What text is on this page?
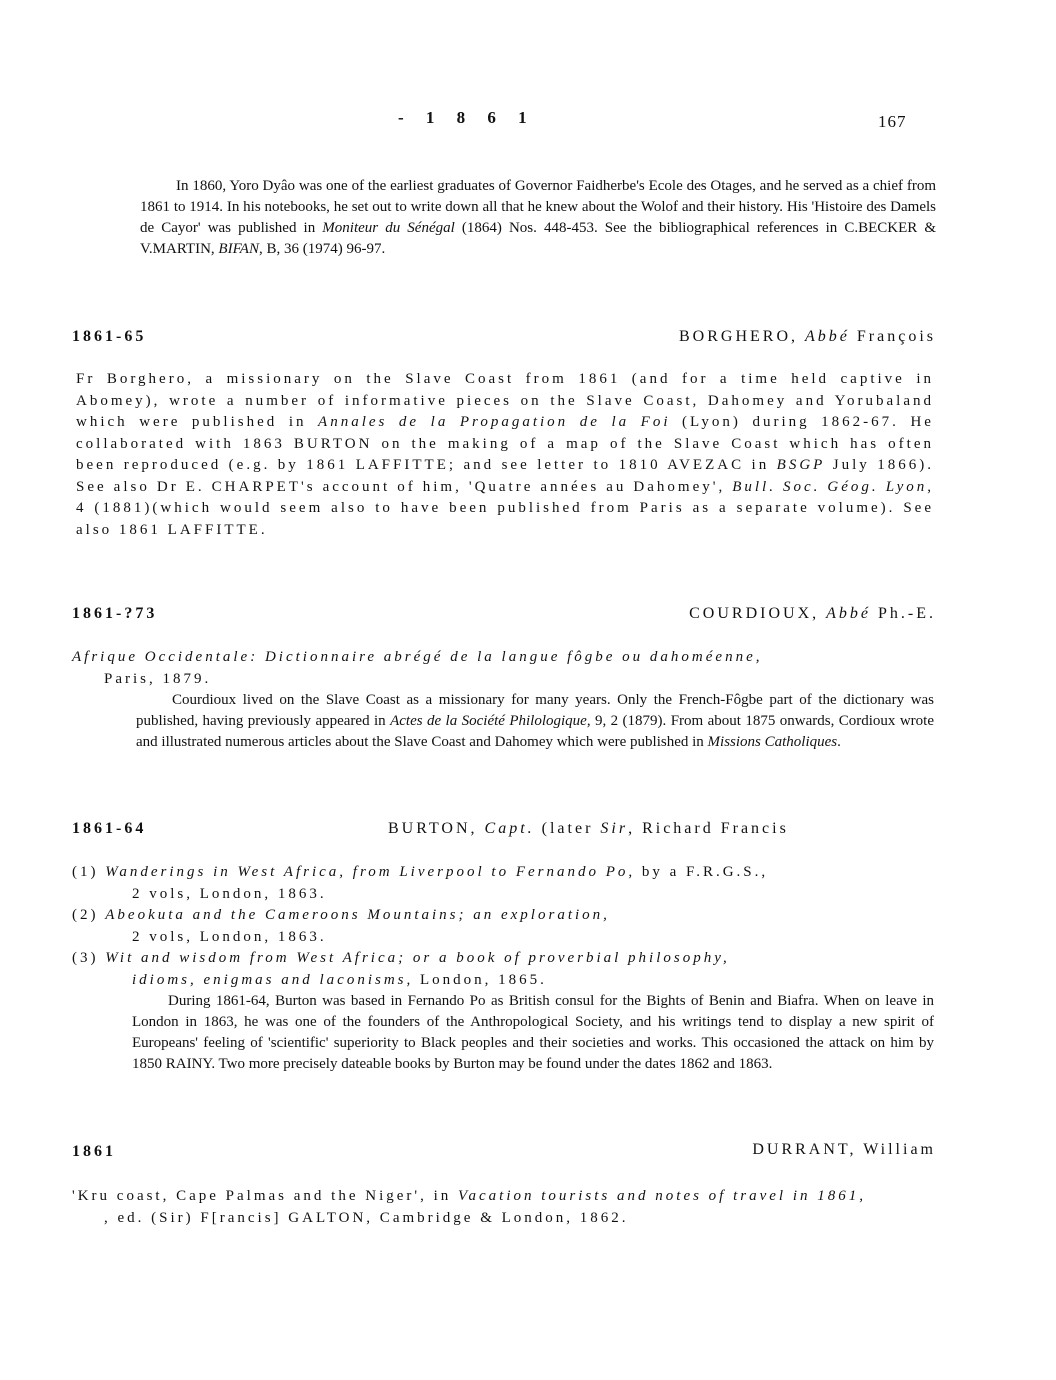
- 1 8 6 1	167

In 1860, Yoro Dyâo was one of the earliest graduates of Governor Faidherbe's Ecole des Otages, and he served as a chief from 1861 to 1914. In his notebooks, he set out to write down all that he knew about the Wolof and their history. His 'Histoire des Damels de Cayor' was published in Moniteur du Sénégal (1864) Nos. 448-453. See the bibliographical references in C.BECKER & V.MARTIN, BIFAN, B, 36 (1974) 96-97.

1861-65	BORGHERO, Abbé François
Fr Borghero, a missionary on the Slave Coast from 1861 (and for a time held captive in Abomey), wrote a number of informative pieces on the Slave Coast, Dahomey and Yorubaland which were published in Annales de la Propagation de la Foi (Lyon) during 1862-67. He collaborated with 1863 BURTON on the making of a map of the Slave Coast which has often been reproduced (e.g. by 1861 LAFFITTE; and see letter to 1810 AVEZAC in BSGP July 1866). See also Dr E. CHARPET's account of him, 'Quatre années au Dahomey', Bull. Soc. Géog. Lyon, 4 (1881)(which would seem also to have been published from Paris as a separate volume). See also 1861 LAFFITTE.
1861-?73	COURDIOUX, Abbé Ph.-E.
Afrique Occidentale: Dictionnaire abrégé de la langue fôgbe ou dahoméenne,
Paris, 1879.

Courdioux lived on the Slave Coast as a missionary for many years. Only the French-Fôgbe part of the dictionary was published, having previously appeared in Actes de la Société Philologique, 9, 2 (1879). From about 1875 onwards, Cordioux wrote and illustrated numerous articles about the Slave Coast and Dahomey which were published in Missions Catholiques.

1861-64	BURTON, Capt. (later Sir, Richard Francis
(1) Wanderings in West Africa, from Liverpool to Fernando Po, by a F.R.G.S.,
2 vols, London, 1863.
(2) Abeokuta and the Cameroons Mountains; an exploration,
2 vols, London, 1863.
(3) Wit and wisdom from West Africa; or a book of proverbial philosophy,
idioms, enigmas and laconisms, London, 1865.

During 1861-64, Burton was based in Fernando Po as British consul for the Bights of Benin and Biafra. When on leave in London in 1863, he was one of the founders of the Anthropological Society, and his writings tend to display a new spirit of Europeans' feeling of 'scientific' superiority to Black peoples and their societies and works. This occasioned the attack on him by 1850 RAINY. Two more precisely dateable books by Burton may be found under the dates 1862 and 1863.

1861	DURRANT, William
'Kru coast, Cape Palmas and the Niger', in Vacation tourists and notes of travel in 1861,
, ed. (Sir) F[rancis] GALTON, Cambridge & London, 1862.
